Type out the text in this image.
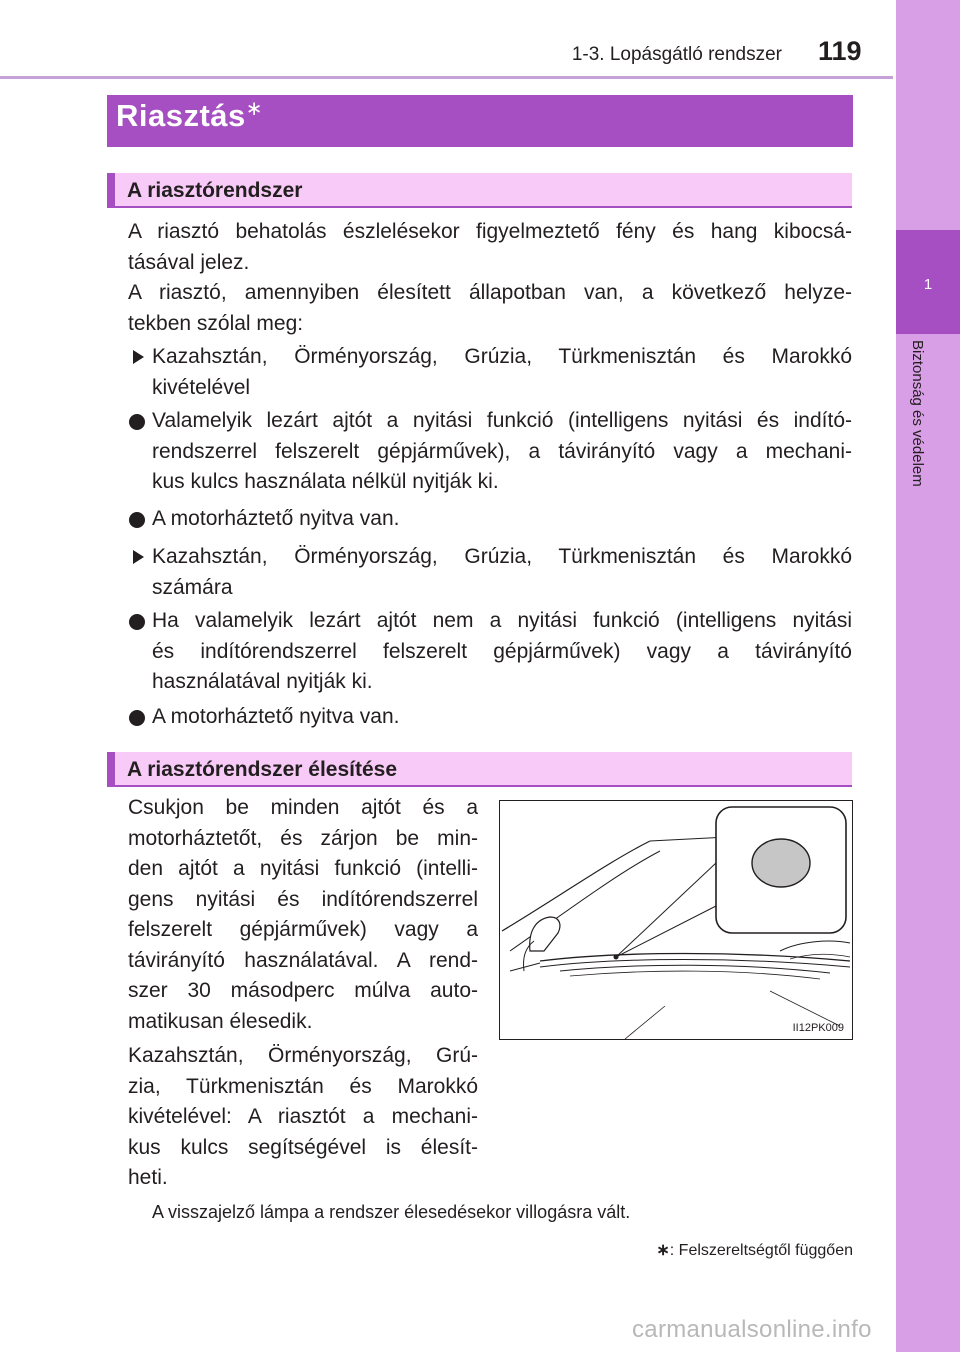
1-3. Lopásgátló rendszer 119
1
Biztonság és védelem
Riasztás∗
A riasztórendszer
A riasztó behatolás észlelésekor figyelmeztető fény és hang kibocsá-
tásával jelez.
A riasztó, amennyiben élesített állapotban van, a következő helyze-
tekben szólal meg:
Kazahsztán, Örményország, Grúzia, Türkmenisztán és Marokkó
kivételével
Valamelyik lezárt ajtót a nyitási funkció (intelligens nyitási és indító-
rendszerrel felszerelt gépjárművek), a távirányító vagy a mechani-
kus kulcs használata nélkül nyitják ki.
A motorháztető nyitva van.
Kazahsztán, Örményország, Grúzia, Türkmenisztán és Marokkó
számára
Ha valamelyik lezárt ajtót nem a nyitási funkció (intelligens nyitási
és indítórendszerrel felszerelt gépjárművek) vagy a távirányító
használatával nyitják ki.
A motorháztető nyitva van.
A riasztórendszer élesítése
Csukjon be minden ajtót és a
motorháztetőt, és zárjon be min-
den ajtót a nyitási funkció (intelli-
gens nyitási és indítórendszerrel
felszerelt gépjárművek) vagy a
távirányító használatával. A rend-
szer 30 másodperc múlva auto-
matikusan élesedik.
Kazahsztán, Örményország, Grú-
zia, Türkmenisztán és Marokkó
kivételével: A riasztót a mechani-
kus kulcs segítségével is élesít-
heti.
II12PK009
A visszajelző lámpa a rendszer élesedésekor villogásra vált.
∗: Felszereltségtől függően
carmanualsonline.info
